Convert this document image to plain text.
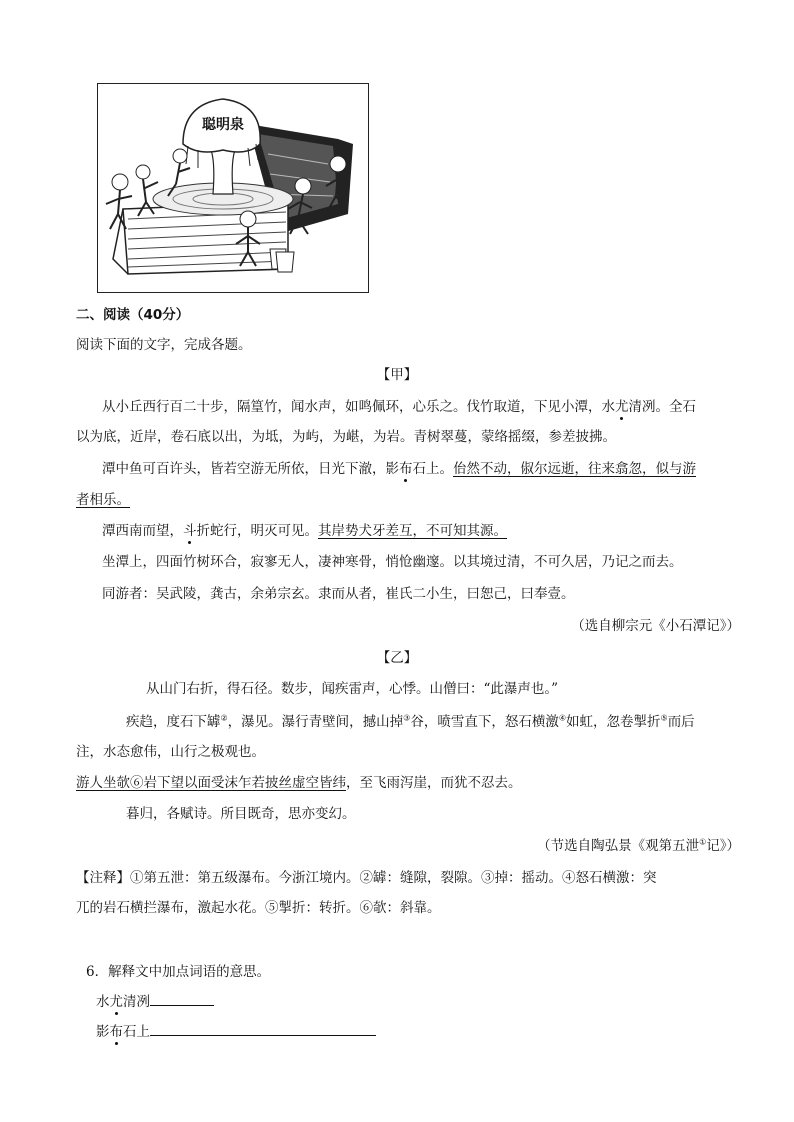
聪明泉
二、阅读（40分）
阅读下面的文字，完成各题。
【甲】
从小丘西行百二十步，隔篁竹，闻水声，如鸣佩环，心乐之。伐竹取道，下见小潭，水尤清冽。全石
以为底，近岸，卷石底以出，为坻，为屿，为嵁，为岩。青树翠蔓，蒙络摇缀，参差披拂。
潭中鱼可百许头，皆若空游无所依，日光下澈，影布石上。佁然不动，俶尔远逝，往来翕忽，似与游
者相乐。
潭西南而望，斗折蛇行，明灭可见。其岸势犬牙差互，不可知其源。
坐潭上，四面竹树环合，寂寥无人，凄神寒骨，悄怆幽邃。以其境过清，不可久居，乃记之而去。
同游者：吴武陵，龚古，余弟宗玄。隶而从者，崔氏二小生，曰恕己，曰奉壹。
（选自柳宗元《小石潭记》）
【乙】
从山门右折，得石径。数步，闻疾雷声，心悸。山僧曰：“此瀑声也。”
疾趋，度石下罅②，瀑见。瀑行青壁间，撼山掉③谷，喷雪直下，怒石横激④如虹，忽卷掣折⑤而后
注，水态愈伟，山行之极观也。
游人坐欹⑥岩下望以面受沫乍若披丝虚空皆纬，至飞雨泻崖，而犹不忍去。
暮归，各赋诗。所目既奇，思亦变幻。
（节选自陶弘景《观第五泄①记》）
【注释】①第五泄：第五级瀑布。今浙江境内。②罅：缝隙，裂隙。③掉：摇动。④怒石横激：突
兀的岩石横拦瀑布，激起水花。⑤掣折：转折。⑥欹：斜靠。
6．解释文中加点词语的意思。
水尤清冽
影布石上
